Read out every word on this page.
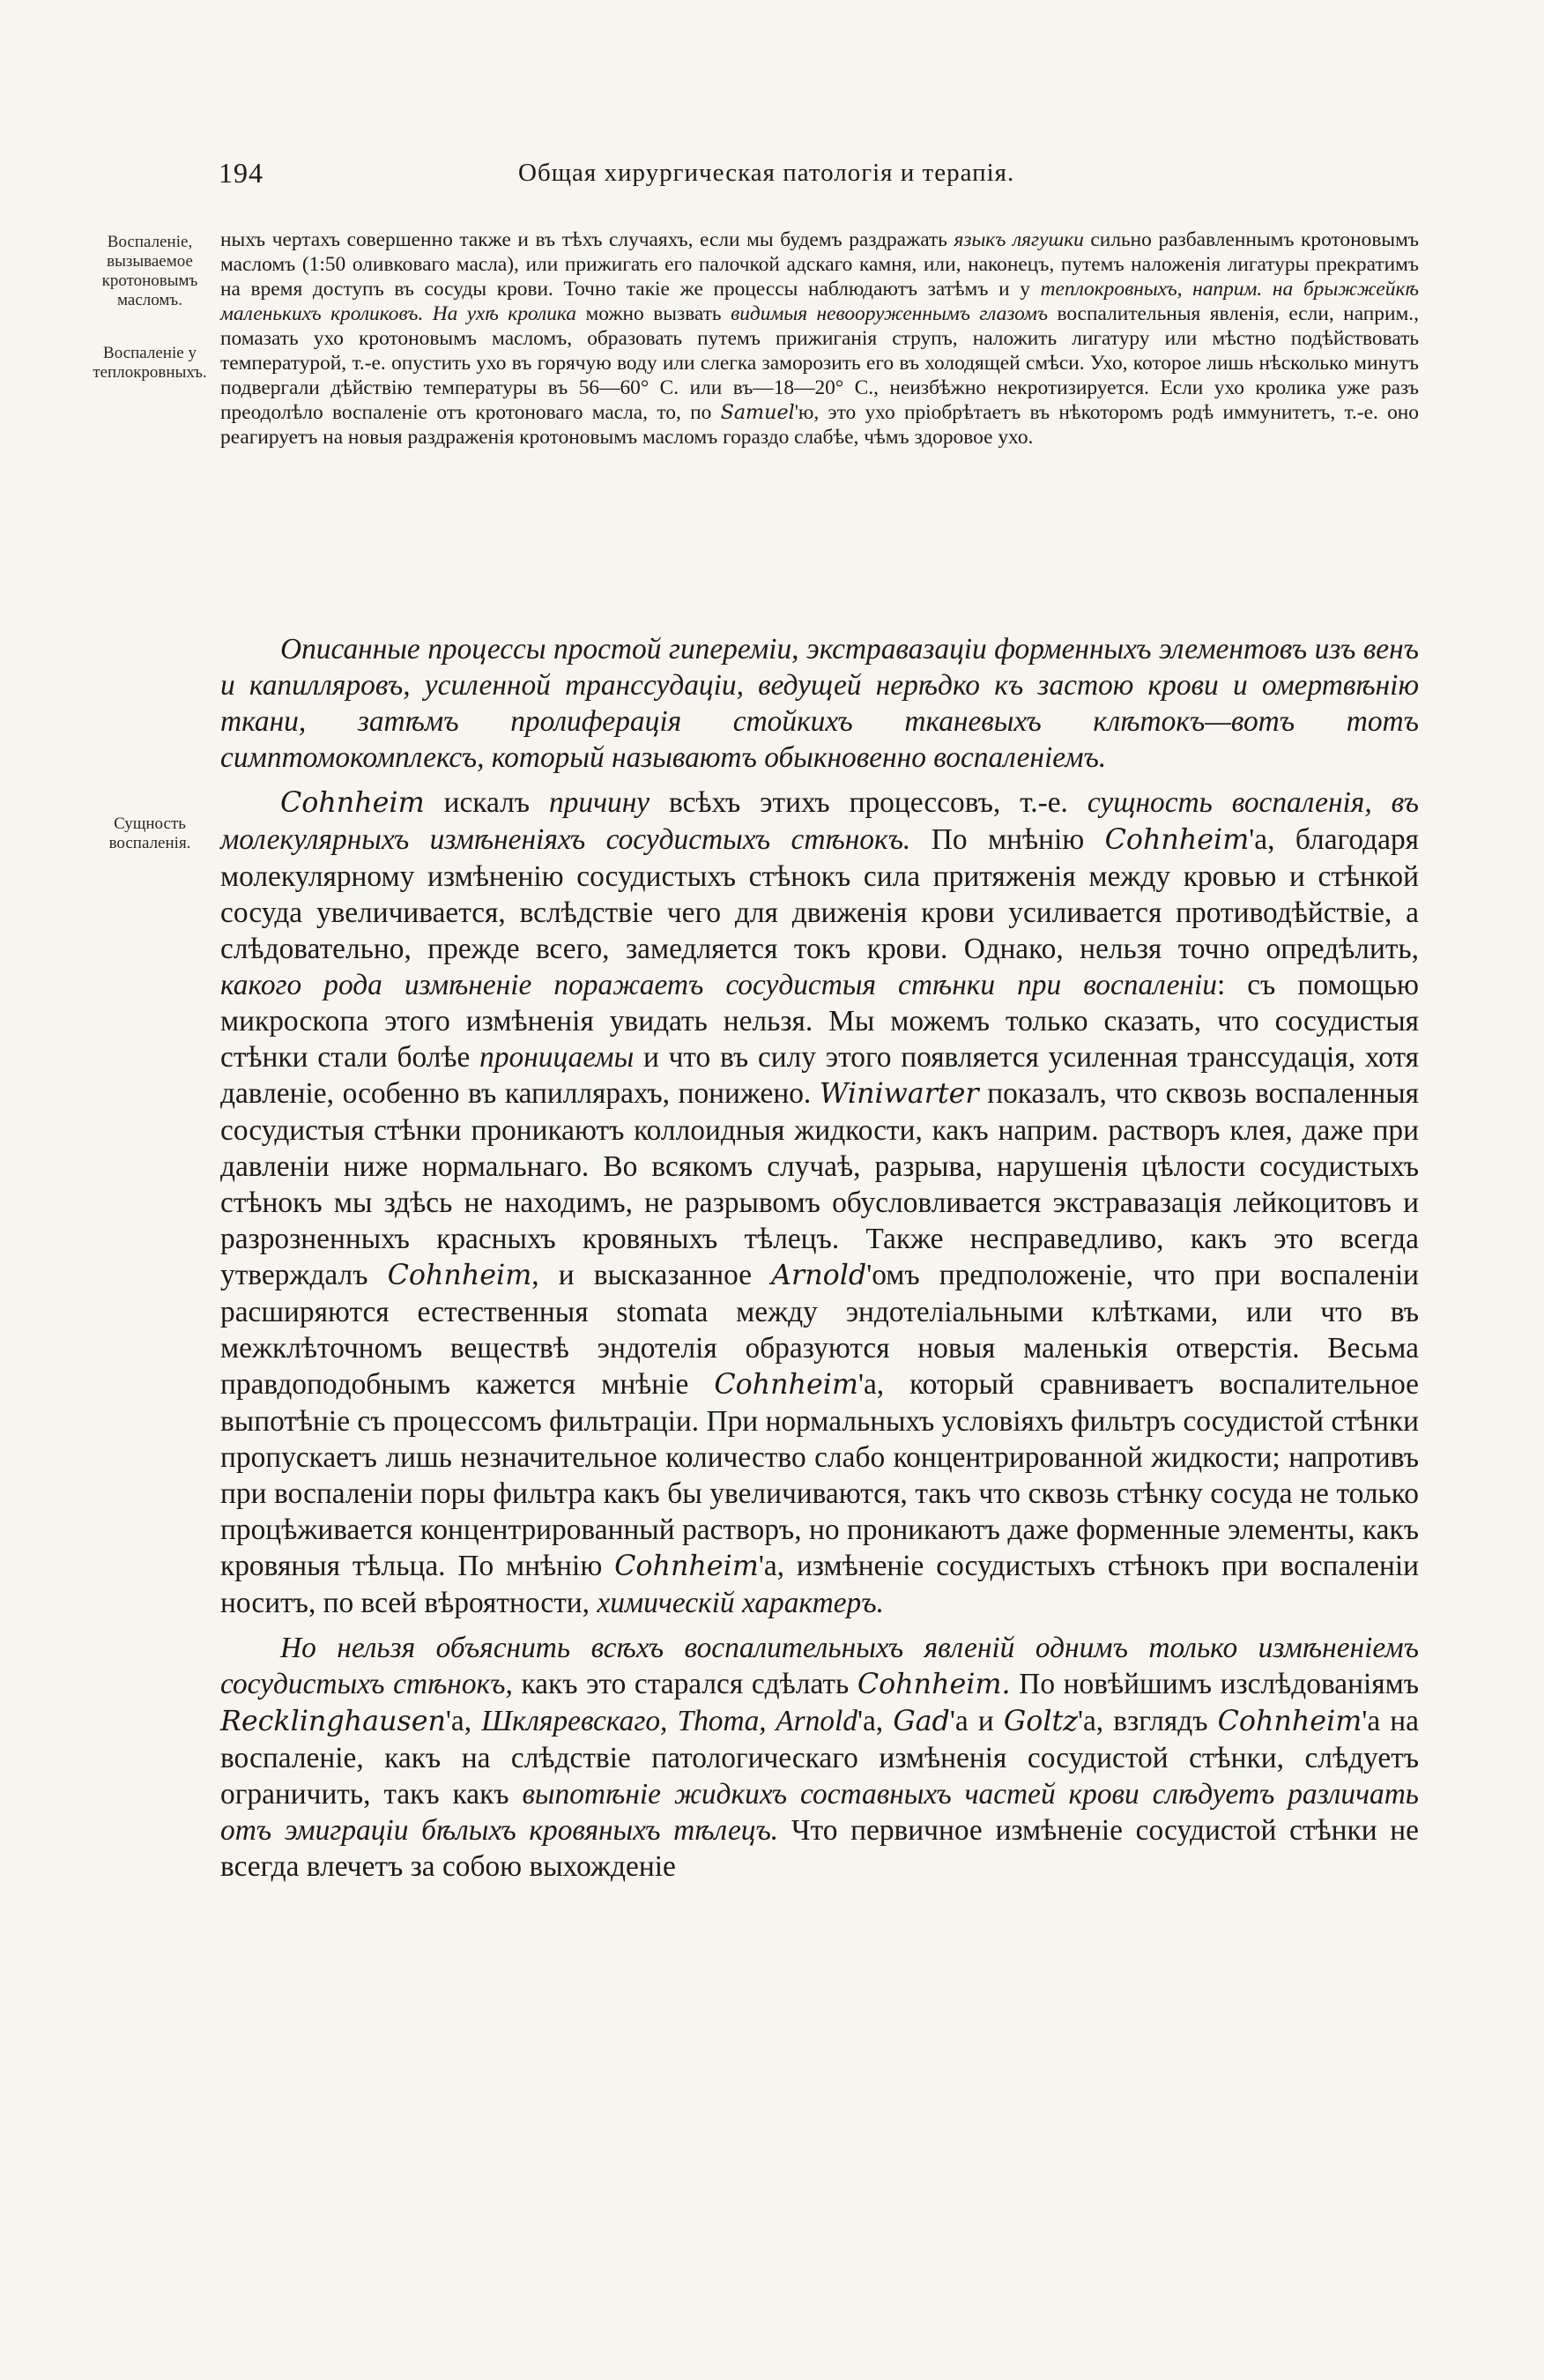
194	Общая хирургическая патологія и терапія.
Воспаленіе, вызываемое кротоновымъ масломъ.
Воспаленіе у теплокровныхъ.
Сущность воспаленія.

ныхъ чертахъ совершенно также и въ тѣхъ случаяхъ, если мы будемъ раздражать языкъ лягушки сильно разбавленнымъ кротоновымъ масломъ (1:50 оливковаго масла), или прижигать его палочкой адскаго камня, или, наконецъ, путемъ наложенія лигатуры прекратимъ на время доступъ въ сосуды крови. Точно такіе же процессы наблюдаютъ затѣмъ и у теплокровныхъ, наприм. на брыжжейкѣ маленькихъ кроликовъ. На ухѣ кролика можно вызвать видимыя невооруженнымъ глазомъ воспалительныя явленія, если, наприм., помазать ухо кротоновымъ масломъ, образовать путемъ прижиганія струпъ, наложить лигатуру или мѣстно подѣйствовать температурой, т.-е. опустить ухо въ горячую воду или слегка заморозить его въ холодящей смѣси. Ухо, которое лишь нѣсколько минутъ подвергали дѣйствію температуры въ 56—60° С. или въ—18—20° С., неизбѣжно некротизируется. Если ухо кролика уже разъ преодолѣло воспаленіе отъ кротоноваго масла, то, по Samuel'ю, это ухо пріобрѣтаетъ въ нѣкоторомъ родѣ иммунитетъ, т.-е. оно реагируетъ на новыя раздраженія кротоновымъ масломъ гораздо слабѣе, чѣмъ здоровое ухо.

Описанные процессы простой гипереміи, экстравазаціи форменныхъ элементовъ изъ венъ и капилляровъ, усиленной транссудаціи, ведущей нерѣдко къ застою крови и омертвѣнію ткани, затѣмъ пролиферація стойкихъ тканевыхъ клѣтокъ—вотъ тотъ симптомокомплексъ, который называютъ обыкновенно воспаленіемъ.

Cohnheim искалъ причину всѣхъ этихъ процессовъ, т.-е. сущность воспаленія, въ молекулярныхъ измѣненіяхъ сосудистыхъ стѣнокъ. По мнѣнію Cohnheim'а, благодаря молекулярному измѣненію сосудистыхъ стѣнокъ сила притяженія между кровью и стѣнкой сосуда увеличивается, вслѣдствіе чего для движенія крови усиливается противодѣйствіе, а слѣдовательно, прежде всего, замедляется токъ крови. Однако, нельзя точно опредѣлить, какого рода измѣненіе поражаетъ сосудистыя стѣнки при воспаленіи: съ помощью микроскопа этого измѣненія увидать нельзя. Мы можемъ только сказать, что сосудистыя стѣнки стали болѣе проницаемы и что въ силу этого появляется усиленная транссудація, хотя давленіе, особенно въ капиллярахъ, понижено. Winiwarter показалъ, что сквозь воспаленныя сосудистыя стѣнки проникаютъ коллоидныя жидкости, какъ наприм. растворъ клея, даже при давленіи ниже нормальнаго. Во всякомъ случаѣ, разрыва, нарушенія цѣлости сосудистыхъ стѣнокъ мы здѣсь не находимъ, не разрывомъ обусловливается экстравазація лейкоцитовъ и разрозненныхъ красныхъ кровяныхъ тѣлецъ. Также несправедливо, какъ это всегда утверждалъ Cohnheim, и высказанное Arnold'омъ предположеніе, что при воспаленіи расширяются естественныя stomata между эндотеліальными клѣтками, или что въ межклѣточномъ веществѣ эндотелія образуются новыя маленькія отверстія. Весьма правдоподобнымъ кажется мнѣніе Cohnheim'а, который сравниваетъ воспалительное выпотѣніе съ процессомъ фильтраціи. При нормальныхъ условіяхъ фильтръ сосудистой стѣнки пропускаетъ лишь незначительное количество слабо концентрированной жидкости; напротивъ при воспаленіи поры фильтра какъ бы увеличиваются, такъ что сквозь стѣнку сосуда не только процѣживается концентрированный растворъ, но проникаютъ даже форменные элементы, какъ кровяныя тѣльца. По мнѣнію Cohnheim'а, измѣненіе сосудистыхъ стѣнокъ при воспаленіи носитъ, по всей вѣроятности, химическій характеръ.

Но нельзя объяснить всѣхъ воспалительныхъ явленій однимъ только измѣненіемъ сосудистыхъ стѣнокъ, какъ это старался сдѣлать Cohnheim. По новѣйшимъ изслѣдованіямъ Recklinghausen'а, Шкляревскаго, Thoma, Arnold'а, Gad'а и Goltz'а, взглядъ Cohnheim'а на воспаленіе, какъ на слѣдствіе патологическаго измѣненія сосудистой стѣнки, слѣдуетъ ограничить, такъ какъ выпотѣніе жидкихъ составныхъ частей крови слѣдуетъ различать отъ эмиграціи бѣлыхъ кровяныхъ тѣлецъ. Что первичное измѣненіе сосудистой стѣнки не всегда влечетъ за собою выхожденіе
